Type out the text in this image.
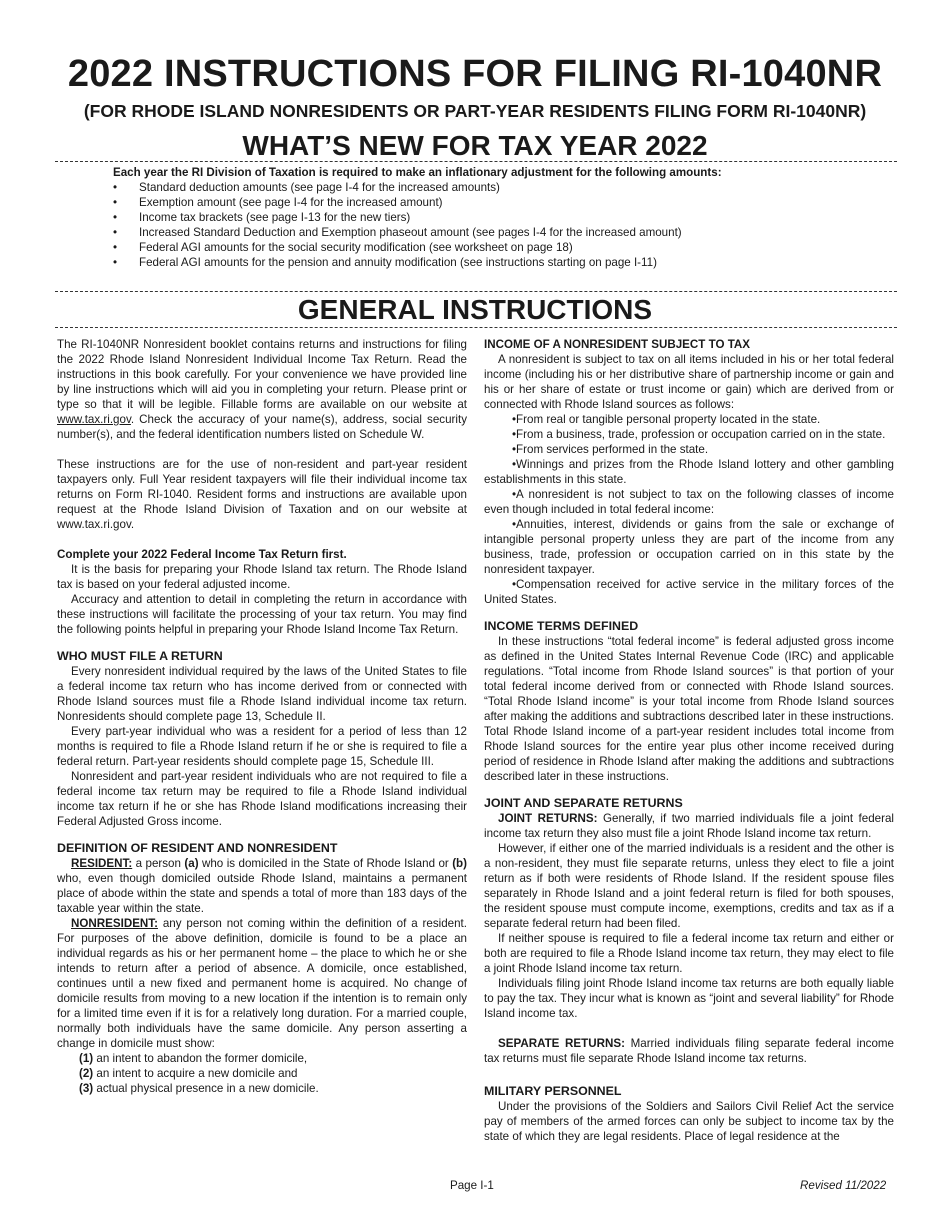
2022 INSTRUCTIONS FOR FILING RI-1040NR
(FOR RHODE ISLAND NONRESIDENTS OR PART-YEAR RESIDENTS FILING FORM RI-1040NR)
WHAT’S NEW FOR TAX YEAR 2022
Each year the RI Division of Taxation is required to make an inflationary adjustment for the following amounts:
• Standard deduction amounts (see page I-4 for the increased amounts)
• Exemption amount (see page I-4 for the increased amount)
• Income tax brackets (see page I-13 for the new tiers)
• Increased Standard Deduction and Exemption phaseout amount (see pages I-4 for the increased amount)
• Federal AGI amounts for the social security modification (see worksheet on page 18)
• Federal AGI amounts for the pension and annuity modification (see instructions starting on page I-11)
GENERAL INSTRUCTIONS

The RI-1040NR Nonresident booklet contains returns and instructions for filing the 2022 Rhode Island Nonresident Individual Income Tax Return. Read the instructions in this book carefully. For your convenience we have provided line by line instructions which will aid you in completing your return. Please print or type so that it will be legible. Fillable forms are available on our website at www.tax.ri.gov. Check the accuracy of your name(s), address, social security number(s), and the federal identification numbers listed on Schedule W.

These instructions are for the use of non-resident and part-year resident taxpayers only. Full Year resident taxpayers will file their individual income tax returns on Form RI-1040. Resident forms and instructions are available upon request at the Rhode Island Division of Taxation and on our website at www.tax.ri.gov.

Complete your 2022 Federal Income Tax Return first.

It is the basis for preparing your Rhode Island tax return. The Rhode Island tax is based on your federal adjusted income.

Accuracy and attention to detail in completing the return in accordance with these instructions will facilitate the processing of your tax return. You may find the following points helpful in preparing your Rhode Island Income Tax Return.

WHO MUST FILE A RETURN

Every nonresident individual required by the laws of the United States to file a federal income tax return who has income derived from or connected with Rhode Island sources must file a Rhode Island individual income tax return. Nonresidents should complete page 13, Schedule II.

Every part-year individual who was a resident for a period of less than 12 months is required to file a Rhode Island return if he or she is required to file a federal return. Part-year residents should complete page 15, Schedule III.

Nonresident and part-year resident individuals who are not required to file a federal income tax return may be required to file a Rhode Island individual income tax return if he or she has Rhode Island modifications increasing their Federal Adjusted Gross income.

DEFINITION OF RESIDENT AND NONRESIDENT

RESIDENT: a person (a) who is domiciled in the State of Rhode Island or (b) who, even though domiciled outside Rhode Island, maintains a permanent place of abode within the state and spends a total of more than 183 days of the taxable year within the state.

NONRESIDENT: any person not coming within the definition of a resident. For purposes of the above definition, domicile is found to be a place an individual regards as his or her permanent home – the place to which he or she intends to return after a period of absence. A domicile, once established, continues until a new fixed and permanent home is acquired. No change of domicile results from moving to a new location if the intention is to remain only for a limited time even if it is for a relatively long duration. For a married couple, normally both individuals have the same domicile. Any person asserting a change in domicile must show:

(1) an intent to abandon the former domicile,

(2) an intent to acquire a new domicile and

(3) actual physical presence in a new domicile.

INCOME OF A NONRESIDENT SUBJECT TO TAX

A nonresident is subject to tax on all items included in his or her total federal income (including his or her distributive share of partnership income or gain and his or her share of estate or trust income or gain) which are derived from or connected with Rhode Island sources as follows:

•From real or tangible personal property located in the state.

•From a business, trade, profession or occupation carried on in the state.

•From services performed in the state.

•Winnings and prizes from the Rhode Island lottery and other gambling establishments in this state.

•A nonresident is not subject to tax on the following classes of income even though included in total federal income:

•Annuities, interest, dividends or gains from the sale or exchange of intangible personal property unless they are part of the income from any business, trade, profession or occupation carried on in this state by the nonresident taxpayer.

•Compensation received for active service in the military forces of the United States.

INCOME TERMS DEFINED

In these instructions “total federal income” is federal adjusted gross income as defined in the United States Internal Revenue Code (IRC) and applicable regulations. “Total income from Rhode Island sources” is that portion of your total federal income derived from or connected with Rhode Island sources. “Total Rhode Island income” is your total income from Rhode Island sources after making the additions and subtractions described later in these instructions. Total Rhode Island income of a part-year resident includes total income from Rhode Island sources for the entire year plus other income received during period of residence in Rhode Island after making the additions and subtractions described later in these instructions.

JOINT AND SEPARATE RETURNS

JOINT RETURNS: Generally, if two married individuals file a joint federal income tax return they also must file a joint Rhode Island income tax return.

However, if either one of the married individuals is a resident and the other is a non-resident, they must file separate returns, unless they elect to file a joint return as if both were residents of Rhode Island. If the resident spouse files separately in Rhode Island and a joint federal return is filed for both spouses, the resident spouse must compute income, exemptions, credits and tax as if a separate federal return had been filed.

If neither spouse is required to file a federal income tax return and either or both are required to file a Rhode Island income tax return, they may elect to file a joint Rhode Island income tax return.

Individuals filing joint Rhode Island income tax returns are both equally liable to pay the tax. They incur what is known as “joint and several liability” for Rhode Island income tax.

SEPARATE RETURNS: Married individuals filing separate federal income tax returns must file separate Rhode Island income tax returns.

MILITARY PERSONNEL

Under the provisions of the Soldiers and Sailors Civil Relief Act the service pay of members of the armed forces can only be subject to income tax by the state of which they are legal residents. Place of legal residence at the

Page I-1	Revised 11/2022
